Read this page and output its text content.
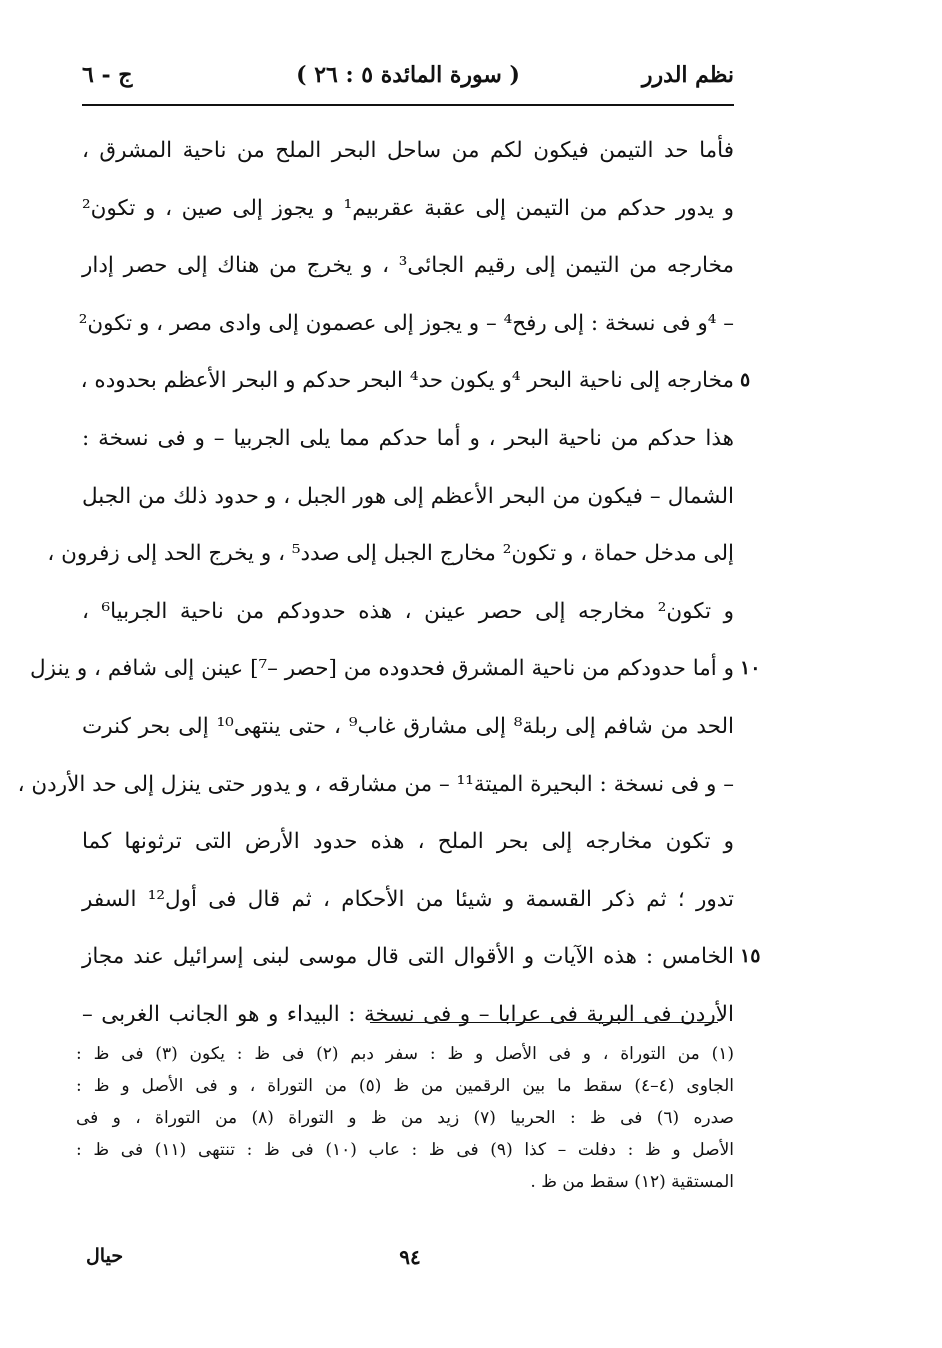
نظم الدرر
( سورة المائدة ٥ : ٢٦ )
ج - ٦
٥
١٠
١٥
فأما حد التيمن فيكون لكم من ساحل البحر الملح من ناحية المشرق ،
و يدور حدكم من التيمن إلى عقبة عقربيم¹ و يجوز إلى صين ، و تكون²
مخارجه من التيمن إلى رقيم الجائى³ ، و يخرج من هناك إلى حصر إدار
– ⁴و فى نسخة : إلى رفح⁴ – و يجوز إلى عصمون إلى وادى مصر ، و تكون²
مخارجه إلى ناحية البحر ⁴و يكون حد⁴ البحر حدكم و البحر الأعظم بحدوده ،
هذا حدكم من ناحية البحر ، و أما حدكم مما يلى الجربيا – و فى نسخة :
الشمال – فيكون من البحر الأعظم إلى هور الجبل ، و حدود ذلك من الجبل
إلى مدخل حماة ، و تكون² مخارج الجبل إلى صدد⁵ ، و يخرج الحد إلى زفرون ،
و تكون² مخارجه إلى حصر عينن ، هذه حدودكم من ناحية الجربيا⁶ ،
و أما حدودكم من ناحية المشرق فحدوده من [حصر –⁷] عينن إلى شافم ، و ينزل
الحد من شافم إلى ربلة⁸ إلى مشارق غاب⁹ ، حتى ينتهى¹⁰ إلى بحر كنرت
– و فى نسخة : البحيرة الميتة¹¹ – من مشارقه ، و يدور حتى ينزل إلى حد الأردن ،
و تكون مخارجه إلى بحر الملح ، هذه حدود الأرض التى ترثونها كما
تدور ؛ ثم ذكر القسمة و شيئا من الأحكام ، ثم قال فى أول¹² السفر
الخامس : هذه الآيات و الأقوال التى قال موسى لبنى إسرائيل عند مجاز
الأردن فى البرية فى عرابا – و فى نسخة : البيداء و هو الجانب الغربى –
(١) من التوراة ، و فى الأصل و ظ : سفر دبم (٢) فى ظ : يكون (٣) فى ظ :
الجاوى (٤–٤) سقط ما بين الرقمين من ظ (٥) من التوراة ، و فى الأصل و ظ :
صدره (٦) فى ظ : الحربيا (٧) زيد من ظ و التوراة (٨) من التوراة ، و فى
الأصل و ظ : دفلت – كذا (٩) فى ظ : عاب (١٠) فى ظ : تنتهى (١١) فى ظ :
المستقية (١٢) سقط من ظ .
٩٤
حيال
